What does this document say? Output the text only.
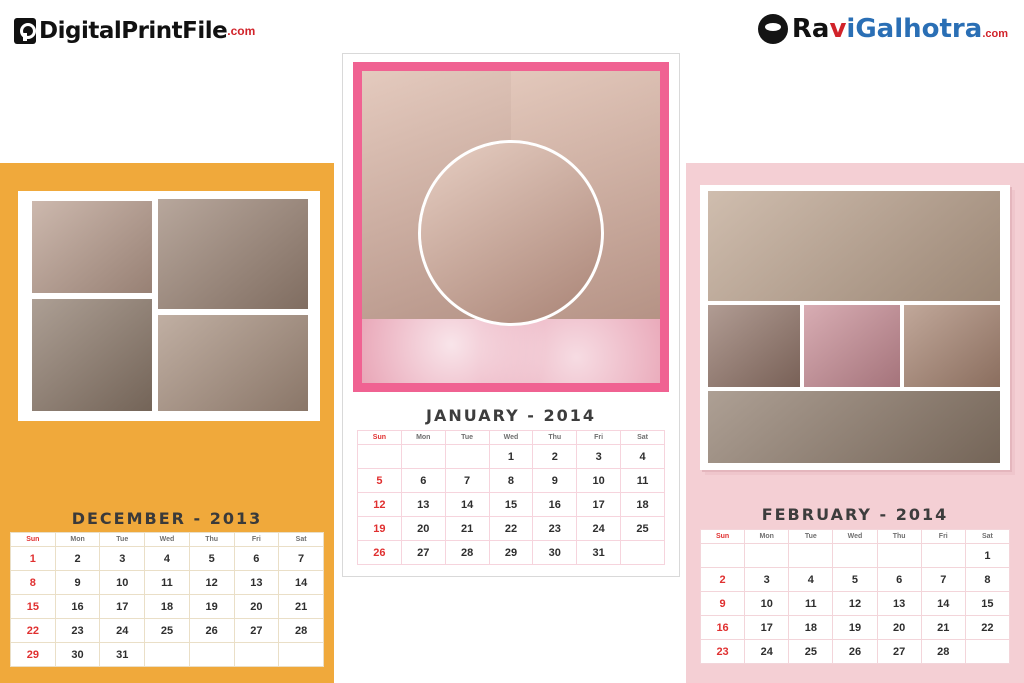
DigitalPrintFile .com	Ra v iGalhotra .com
DECEMBER - 2013
Sun	Mon	Tue	Wed	Thu	Fri	Sat
1	2	3	4	5	6	7
8	9	10	11	12	13	14
15	16	17	18	19	20	21
22	23	24	25	26	27	28
29	30	31				
JANUARY - 2014
Sun	Mon	Tue	Wed	Thu	Fri	Sat
			1	2	3	4
5	6	7	8	9	10	11
12	13	14	15	16	17	18
19	20	21	22	23	24	25
26	27	28	29	30	31	
FEBRUARY - 2014
Sun	Mon	Tue	Wed	Thu	Fri	Sat
						1
2	3	4	5	6	7	8
9	10	11	12	13	14	15
16	17	18	19	20	21	22
23	24	25	26	27	28	
